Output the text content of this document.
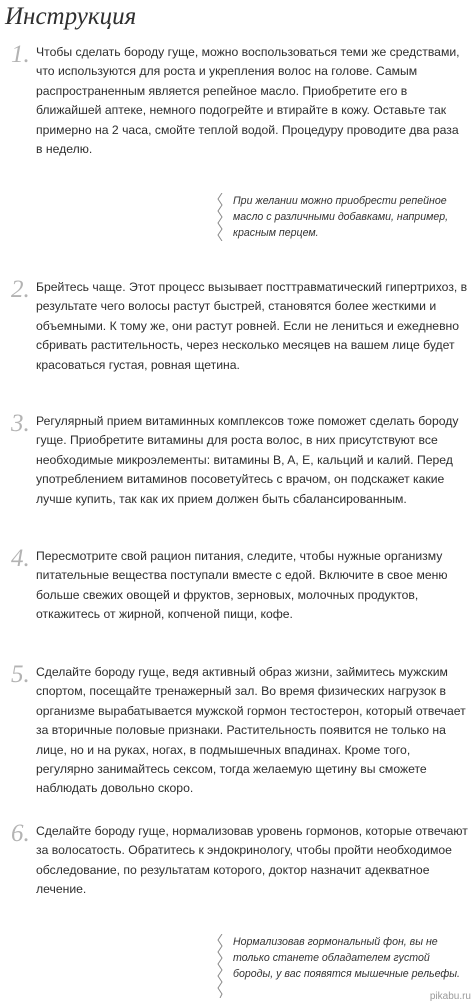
Инструкция
1. Чтобы сделать бороду гуще, можно воспользоваться теми же средствами, что используются для роста и укрепления волос на голове. Самым распространенным является репейное масло. Приобретите его в ближайшей аптеке, немного подогрейте и втирайте в кожу. Оставьте так примерно на 2 часа, смойте теплой водой. Процедуру проводите два раза в неделю.
При желании можно приобрести репейное масло с различными добавками, например, красным перцем.
2. Брейтесь чаще. Этот процесс вызывает посттравматический гипертрихоз, в результате чего волосы растут быстрей, становятся более жесткими и объемными. К тому же, они растут ровней. Если не лениться и ежедневно сбривать растительность, через несколько месяцев на вашем лице будет красоваться густая, ровная щетина.
3. Регулярный прием витаминных комплексов тоже поможет сделать бороду гуще. Приобретите витамины для роста волос, в них присутствуют все необходимые микроэлементы: витамины B, A, E, кальций и калий. Перед употреблением витаминов посоветуйтесь с врачом, он подскажет какие лучше купить, так как их прием должен быть сбалансированным.
4. Пересмотрите свой рацион питания, следите, чтобы нужные организму питательные вещества поступали вместе с едой. Включите в свое меню больше свежих овощей и фруктов, зерновых, молочных продуктов, откажитесь от жирной, копченой пищи, кофе.
5. Сделайте бороду гуще, ведя активный образ жизни, займитесь мужским спортом, посещайте тренажерный зал. Во время физических нагрузок в организме вырабатывается мужской гормон тестостерон, который отвечает за вторичные половые признаки. Растительность появится не только на лице, но и на руках, ногах, в подмышечных впадинах. Кроме того, регулярно занимайтесь сексом, тогда желаемую щетину вы сможете наблюдать довольно скоро.
6. Сделайте бороду гуще, нормализовав уровень гормонов, которые отвечают за волосатость. Обратитесь к эндокринологу, чтобы пройти необходимое обследование, по результатам которого, доктор назначит адекватное лечение.
Нормализовав гормональный фон, вы не только станете обладателем густой бороды, у вас появятся мышечные рельефы.
pikabu.ru
